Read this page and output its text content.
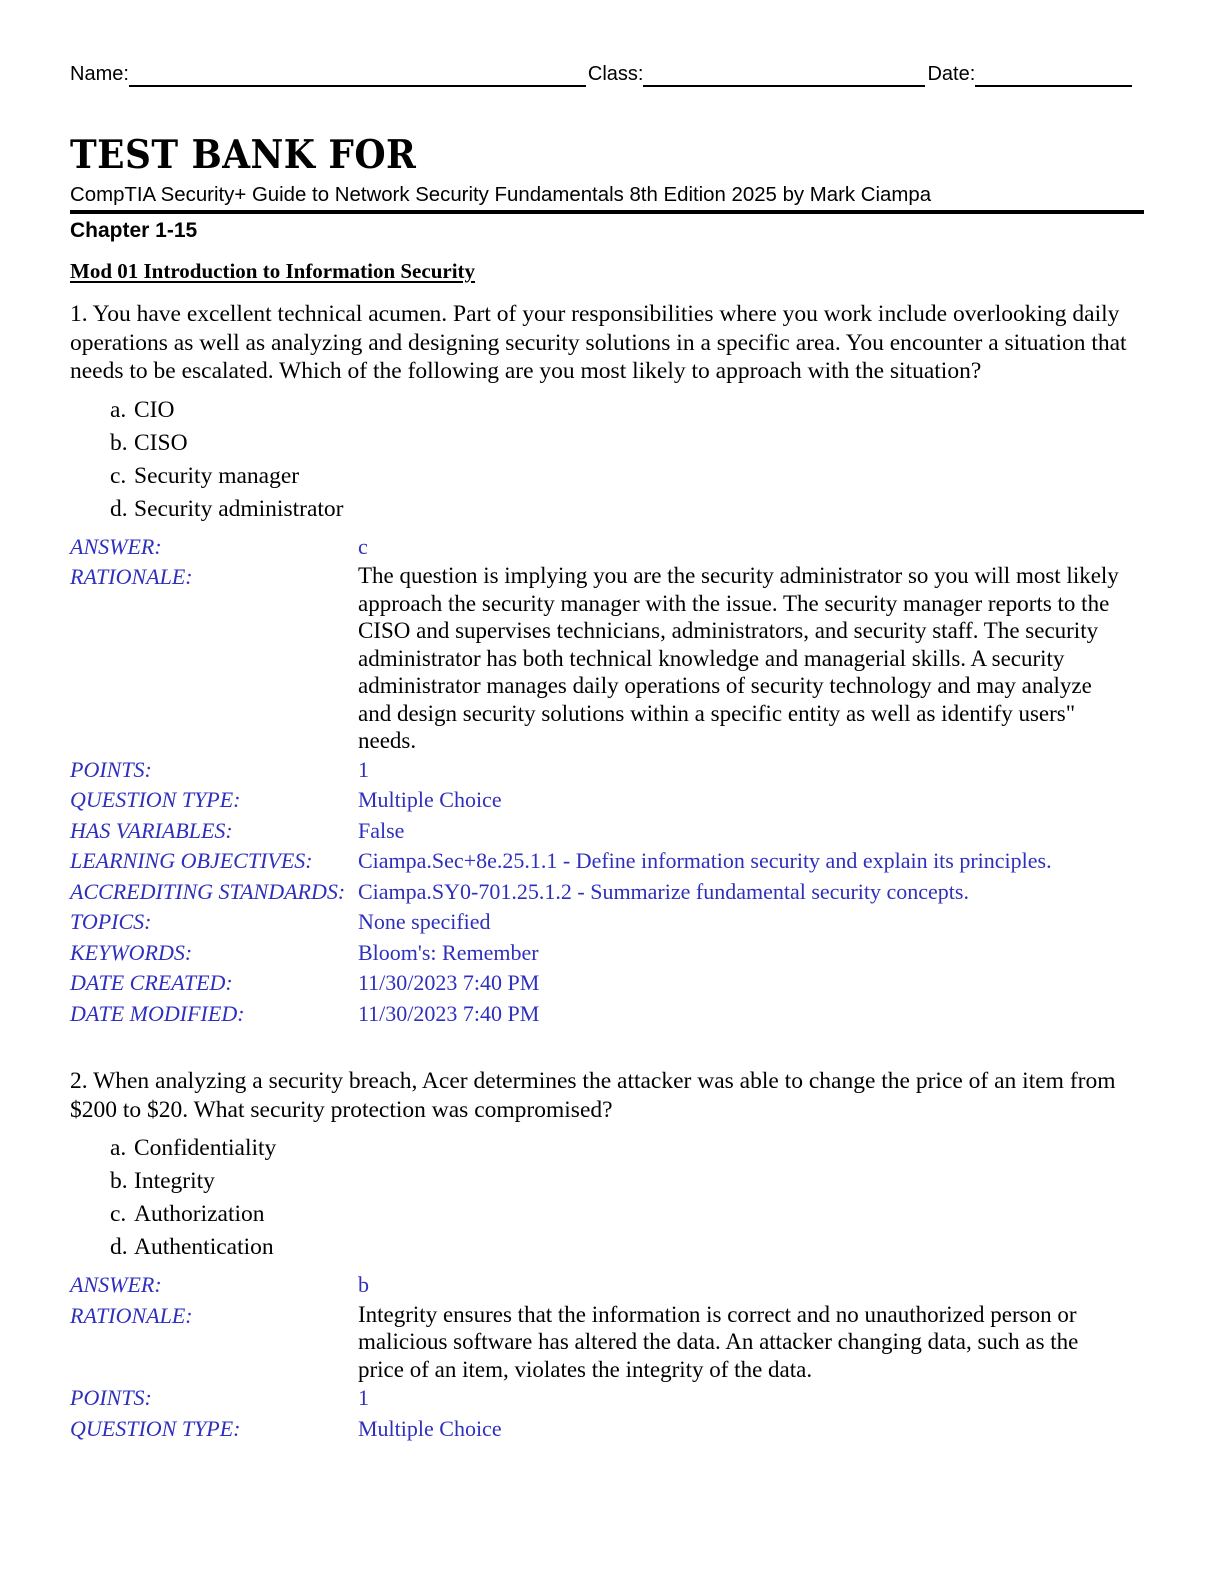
Name:	Class:	Date:
TEST BANK FOR
CompTIA Security+ Guide to Network Security Fundamentals 8th Edition 2025 by Mark Ciampa
Chapter 1-15
Mod 01 Introduction to Information Security

1. You have excellent technical acumen. Part of your responsibilities where you work include overlooking daily operations as well as analyzing and designing security solutions in a specific area. You encounter a situation that needs to be escalated. Which of the following are you most likely to approach with the situation?

a. CIO
b. CISO
c. Security manager
d. Security administrator
ANSWER:	c
RATIONALE:	The question is implying you are the security administrator so you will most likely approach the security manager with the issue. The security manager reports to the CISO and supervises technicians, administrators, and security staff. The security administrator has both technical knowledge and managerial skills. A security administrator manages daily operations of security technology and may analyze and design security solutions within a specific entity as well as identify users" needs.
POINTS:	1
QUESTION TYPE:	Multiple Choice
HAS VARIABLES:	False
LEARNING OBJECTIVES:	Ciampa.Sec+8e.25.1.1 - Define information security and explain its principles.
ACCREDITING STANDARDS:	Ciampa.SY0-701.25.1.2 - Summarize fundamental security concepts.
TOPICS:	None specified
KEYWORDS:	Bloom's: Remember
DATE CREATED:	11/30/2023 7:40 PM
DATE MODIFIED:	11/30/2023 7:40 PM

2. When analyzing a security breach, Acer determines the attacker was able to change the price of an item from $200 to $20. What security protection was compromised?

a. Confidentiality
b. Integrity
c. Authorization
d. Authentication
ANSWER:	b
RATIONALE:	Integrity ensures that the information is correct and no unauthorized person or malicious software has altered the data. An attacker changing data, such as the price of an item, violates the integrity of the data.
POINTS:	1
QUESTION TYPE:	Multiple Choice
